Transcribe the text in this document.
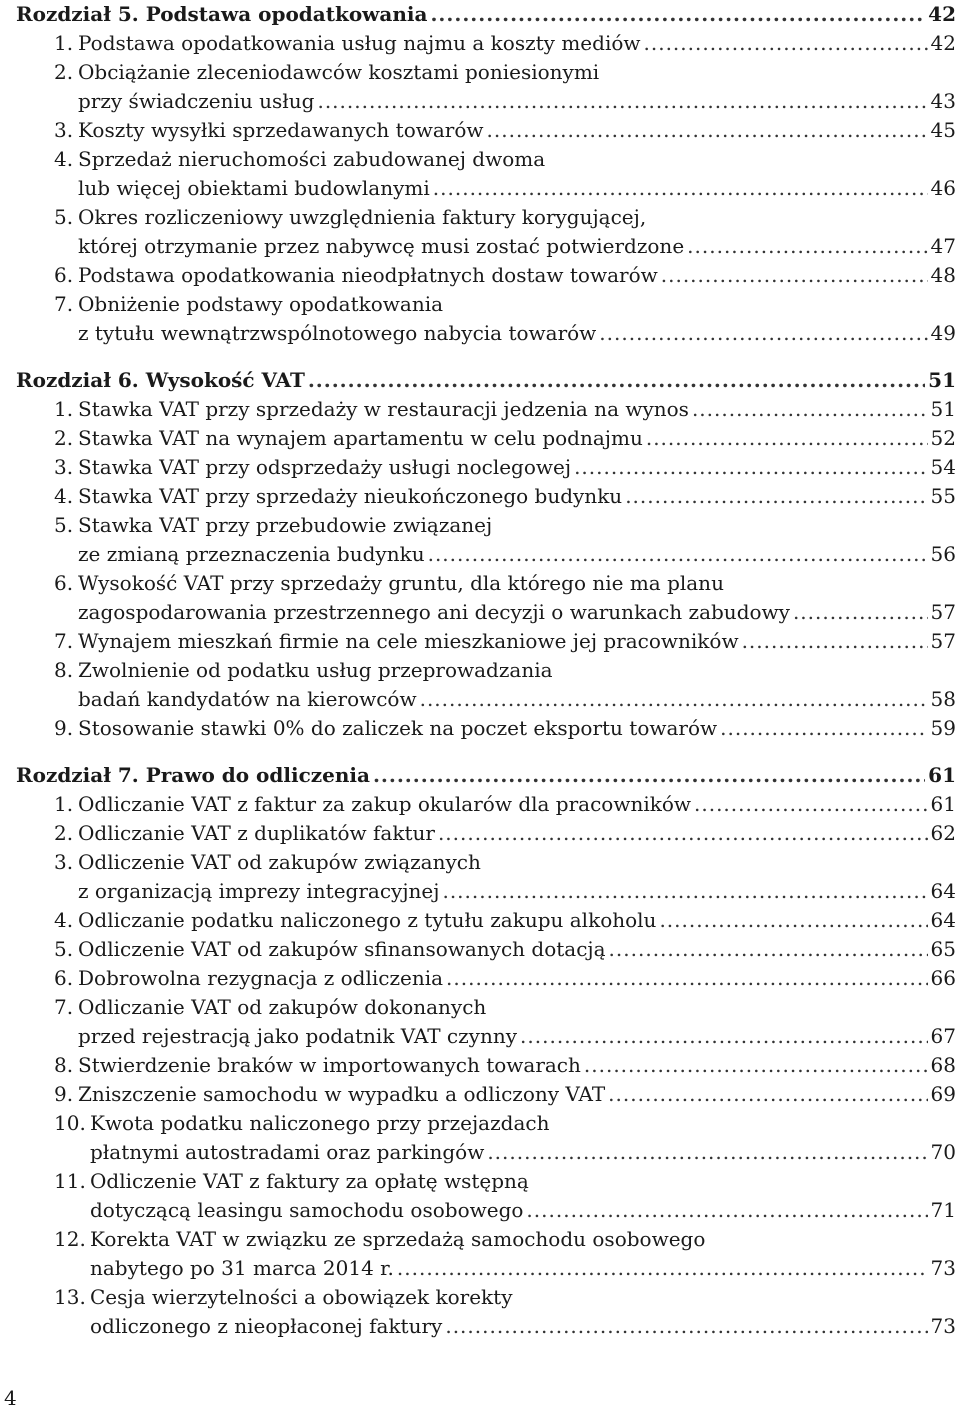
Rozdział 5. Podstawa opodatkowania .....	42
1. Podstawa opodatkowania usług najmu a koszty mediów .....	42
2. Obciążanie zleceniodawców kosztami poniesionymi
przy świadczeniu usług .....	43
3. Koszty wysyłki sprzedawanych towarów .....	45
4. Sprzedaż nieruchomości zabudowanej dwoma
lub więcej obiektami budowlanymi .....	46
5. Okres rozliczeniowy uwzględnienia faktury korygującej,
której otrzymanie przez nabywcę musi zostać potwierdzone .....	47
6. Podstawa opodatkowania nieodpłatnych dostaw towarów .....	48
7. Obniżenie podstawy opodatkowania
z tytułu wewnątrzwspólnotowego nabycia towarów .....	49
Rozdział 6. Wysokość VAT .....	51
1. Stawka VAT przy sprzedaży w restauracji jedzenia na wynos .....	51
2. Stawka VAT na wynajem apartamentu w celu podnajmu .....	52
3. Stawka VAT przy odsprzedaży usługi noclegowej .....	54
4. Stawka VAT przy sprzedaży nieukończonego budynku .....	55
5. Stawka VAT przy przebudowie związanej
ze zmianą przeznaczenia budynku .....	56
6. Wysokość VAT przy sprzedaży gruntu, dla którego nie ma planu
zagospodarowania przestrzennego ani decyzji o warunkach zabudowy .....	57
7. Wynajem mieszkań firmie na cele mieszkaniowe jej pracowników .....	57
8. Zwolnienie od podatku usług przeprowadzania
badań kandydatów na kierowców .....	58
9. Stosowanie stawki 0% do zaliczek na poczet eksportu towarów .....	59
Rozdział 7. Prawo do odliczenia .....	61
1. Odliczanie VAT z faktur za zakup okularów dla pracowników .....	61
2. Odliczanie VAT z duplikatów faktur .....	62
3. Odliczenie VAT od zakupów związanych
z organizacją imprezy integracyjnej .....	64
4. Odliczanie podatku naliczonego z tytułu zakupu alkoholu .....	64
5. Odliczenie VAT od zakupów sfinansowanych dotacją .....	65
6. Dobrowolna rezygnacja z odliczenia .....	66
7. Odliczanie VAT od zakupów dokonanych
przed rejestracją jako podatnik VAT czynny .....	67
8. Stwierdzenie braków w importowanych towarach .....	68
9. Zniszczenie samochodu w wypadku a odliczony VAT .....	69
10. Kwota podatku naliczonego przy przejazdach
płatnymi autostradami oraz parkingów .....	70
11. Odliczenie VAT z faktury za opłatę wstępną
dotyczącą leasingu samochodu osobowego .....	71
12. Korekta VAT w związku ze sprzedażą samochodu osobowego
nabytego po 31 marca 2014 r. .....	73
13. Cesja wierzytelności a obowiązek korekty
odliczonego z nieopłaconej faktury .....	73
4
